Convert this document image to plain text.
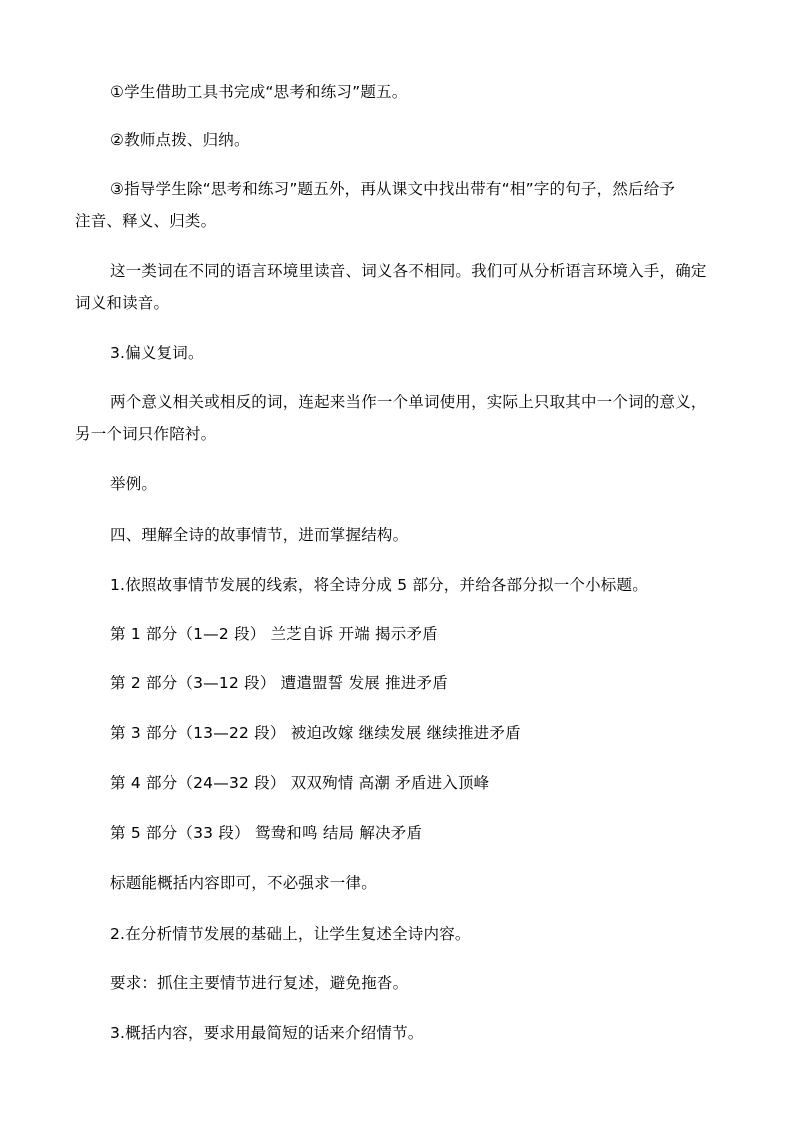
①学生借助工具书完成“思考和练习”题五。
②教师点拨、归纳。
③指导学生除“思考和练习”题五外，再从课文中找出带有“相”字的句子，然后给予
注音、释义、归类。
这一类词在不同的语言环境里读音、词义各不相同。我们可从分析语言环境入手，确定
词义和读音。
3.偏义复词。
两个意义相关或相反的词，连起来当作一个单词使用，实际上只取其中一个词的意义，
另一个词只作陪衬。
举例。
四、理解全诗的故事情节，进而掌握结构。
1.依照故事情节发展的线索，将全诗分成 5 部分，并给各部分拟一个小标题。
第 1 部分（1—2 段） 兰芝自诉 开端 揭示矛盾
第 2 部分（3—12 段） 遭遣盟誓 发展 推进矛盾
第 3 部分（13—22 段） 被迫改嫁 继续发展 继续推进矛盾
第 4 部分（24—32 段） 双双殉情 高潮 矛盾进入顶峰
第 5 部分（33 段） 鸳鸯和鸣 结局 解决矛盾
标题能概括内容即可，不必强求一律。
2.在分析情节发展的基础上，让学生复述全诗内容。
要求：抓住主要情节进行复述，避免拖沓。
3.概括内容，要求用最简短的话来介绍情节。
